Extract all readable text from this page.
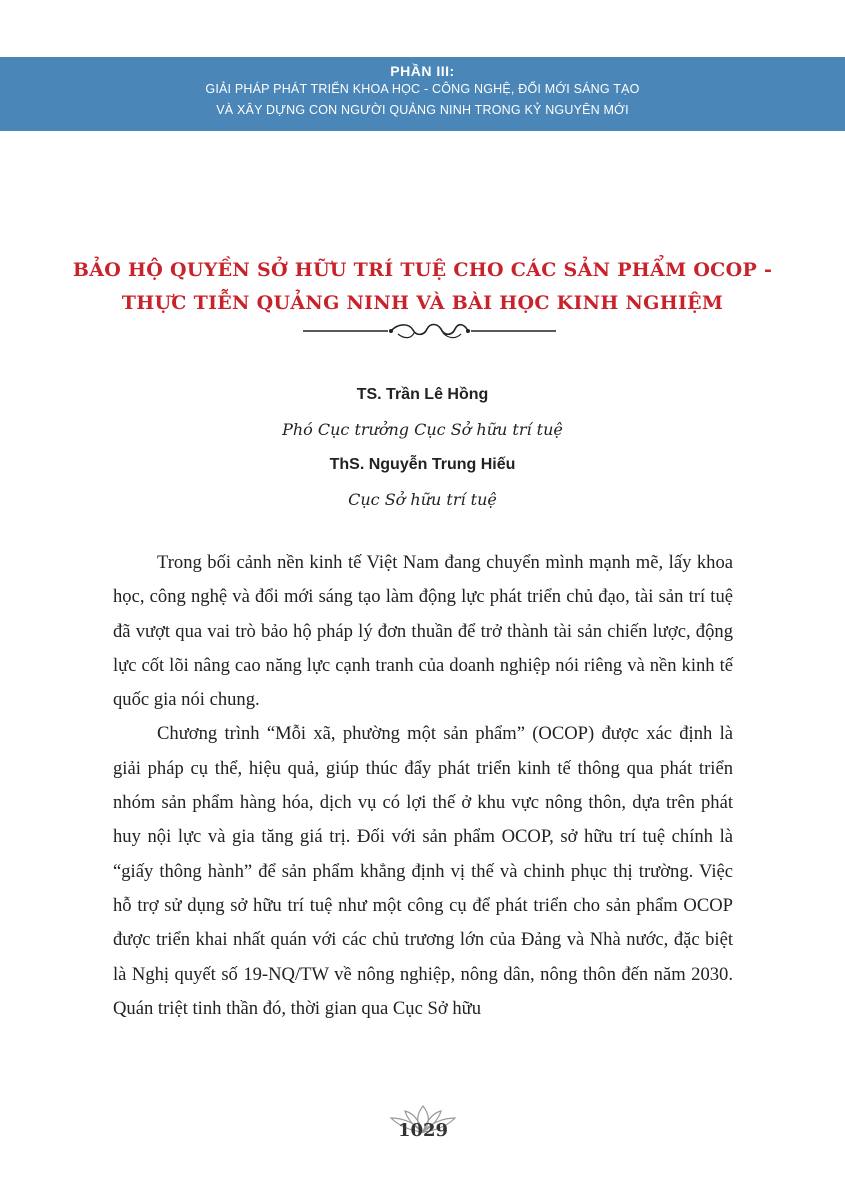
PHẦN III:
GIẢI PHÁP PHÁT TRIỂN KHOA HỌC - CÔNG NGHỆ, ĐỔI MỚI SÁNG TẠO
VÀ XÂY DỰNG CON NGƯỜI QUẢNG NINH TRONG KỶ NGUYÊN MỚI
BẢO HỘ QUYỀN SỞ HỮU TRÍ TUỆ CHO CÁC SẢN PHẨM OCOP -
THỰC TIỄN QUẢNG NINH VÀ BÀI HỌC KINH NGHIỆM
TS. Trần Lê Hồng
Phó Cục trưởng Cục Sở hữu trí tuệ
ThS. Nguyễn Trung Hiếu
Cục Sở hữu trí tuệ

Trong bối cảnh nền kinh tế Việt Nam đang chuyển mình mạnh mẽ, lấy khoa học, công nghệ và đổi mới sáng tạo làm động lực phát triển chủ đạo, tài sản trí tuệ đã vượt qua vai trò bảo hộ pháp lý đơn thuần để trở thành tài sản chiến lược, động lực cốt lõi nâng cao năng lực cạnh tranh của doanh nghiệp nói riêng và nền kinh tế quốc gia nói chung.

Chương trình “Mỗi xã, phường một sản phẩm” (OCOP) được xác định là giải pháp cụ thể, hiệu quả, giúp thúc đẩy phát triển kinh tế thông qua phát triển nhóm sản phẩm hàng hóa, dịch vụ có lợi thế ở khu vực nông thôn, dựa trên phát huy nội lực và gia tăng giá trị. Đối với sản phẩm OCOP, sở hữu trí tuệ chính là “giấy thông hành” để sản phẩm khẳng định vị thế và chinh phục thị trường. Việc hỗ trợ sử dụng sở hữu trí tuệ như một công cụ để phát triển cho sản phẩm OCOP được triển khai nhất quán với các chủ trương lớn của Đảng và Nhà nước, đặc biệt là Nghị quyết số 19-NQ/TW về nông nghiệp, nông dân, nông thôn đến năm 2030. Quán triệt tinh thần đó, thời gian qua Cục Sở hữu

1029
